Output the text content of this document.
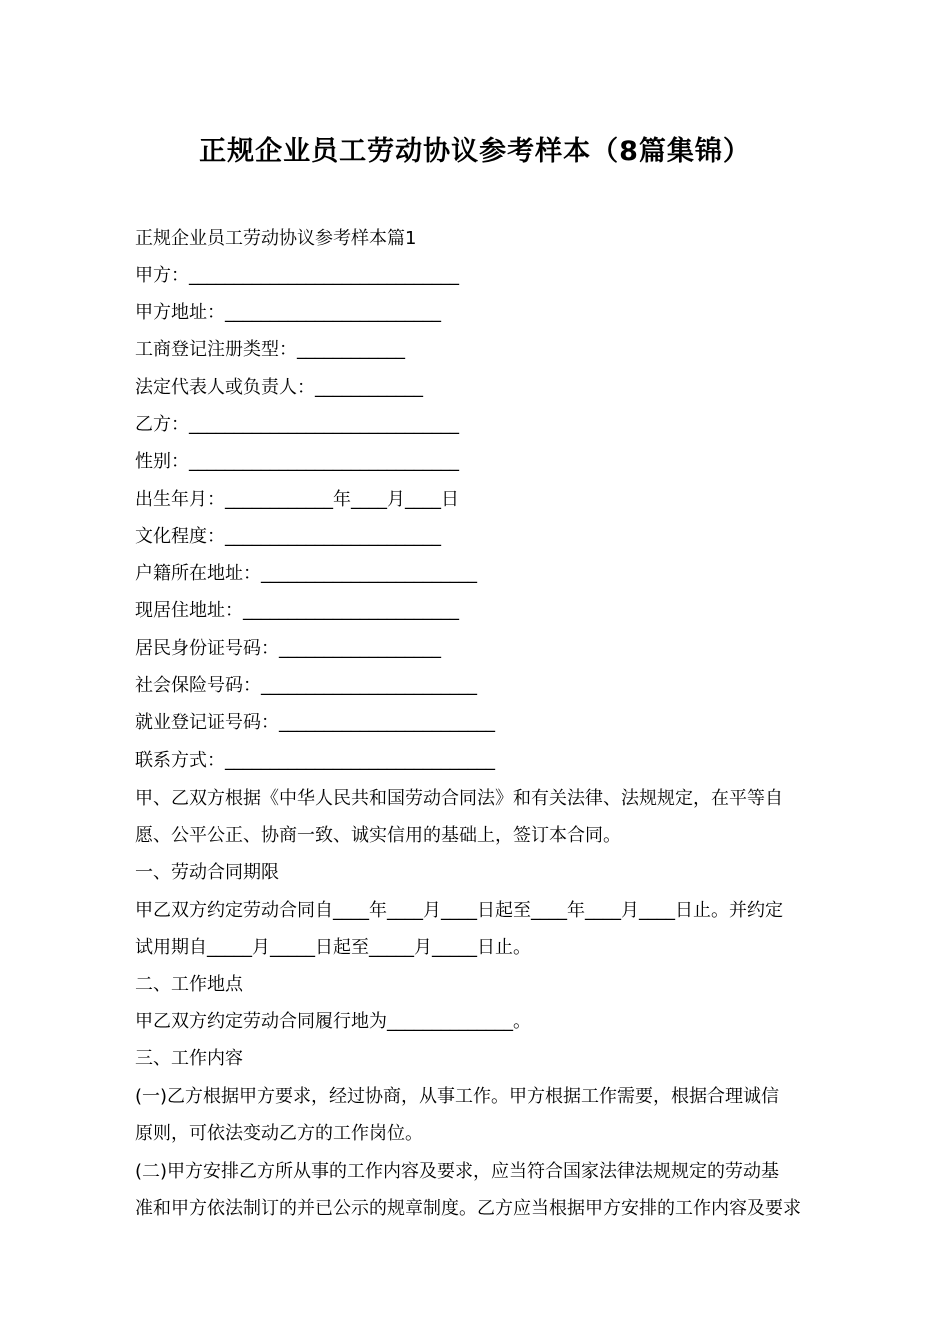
正规企业员工劳动协议参考样本（8篇集锦）
正规企业员工劳动协议参考样本篇1
甲方：______________________________
甲方地址：________________________
工商登记注册类型：____________
法定代表人或负责人：____________
乙方：______________________________
性别：______________________________
出生年月：____________年____月____日
文化程度：________________________
户籍所在地址：________________________
现居住地址：________________________
居民身份证号码：__________________
社会保险号码：________________________
就业登记证号码：________________________
联系方式：______________________________
甲、乙双方根据《中华人民共和国劳动合同法》和有关法律、法规规定，在平等自
愿、公平公正、协商一致、诚实信用的基础上，签订本合同。
一、劳动合同期限
甲乙双方约定劳动合同自____年____月____日起至____年____月____日止。并约定
试用期自_____月_____日起至_____月_____日止。
二、工作地点
甲乙双方约定劳动合同履行地为______________。
三、工作内容
(一)乙方根据甲方要求，经过协商，从事工作。甲方根据工作需要，根据合理诚信
原则，可依法变动乙方的工作岗位。
(二)甲方安排乙方所从事的工作内容及要求，应当符合国家法律法规规定的劳动基
准和甲方依法制订的并已公示的规章制度。乙方应当根据甲方安排的工作内容及要求
